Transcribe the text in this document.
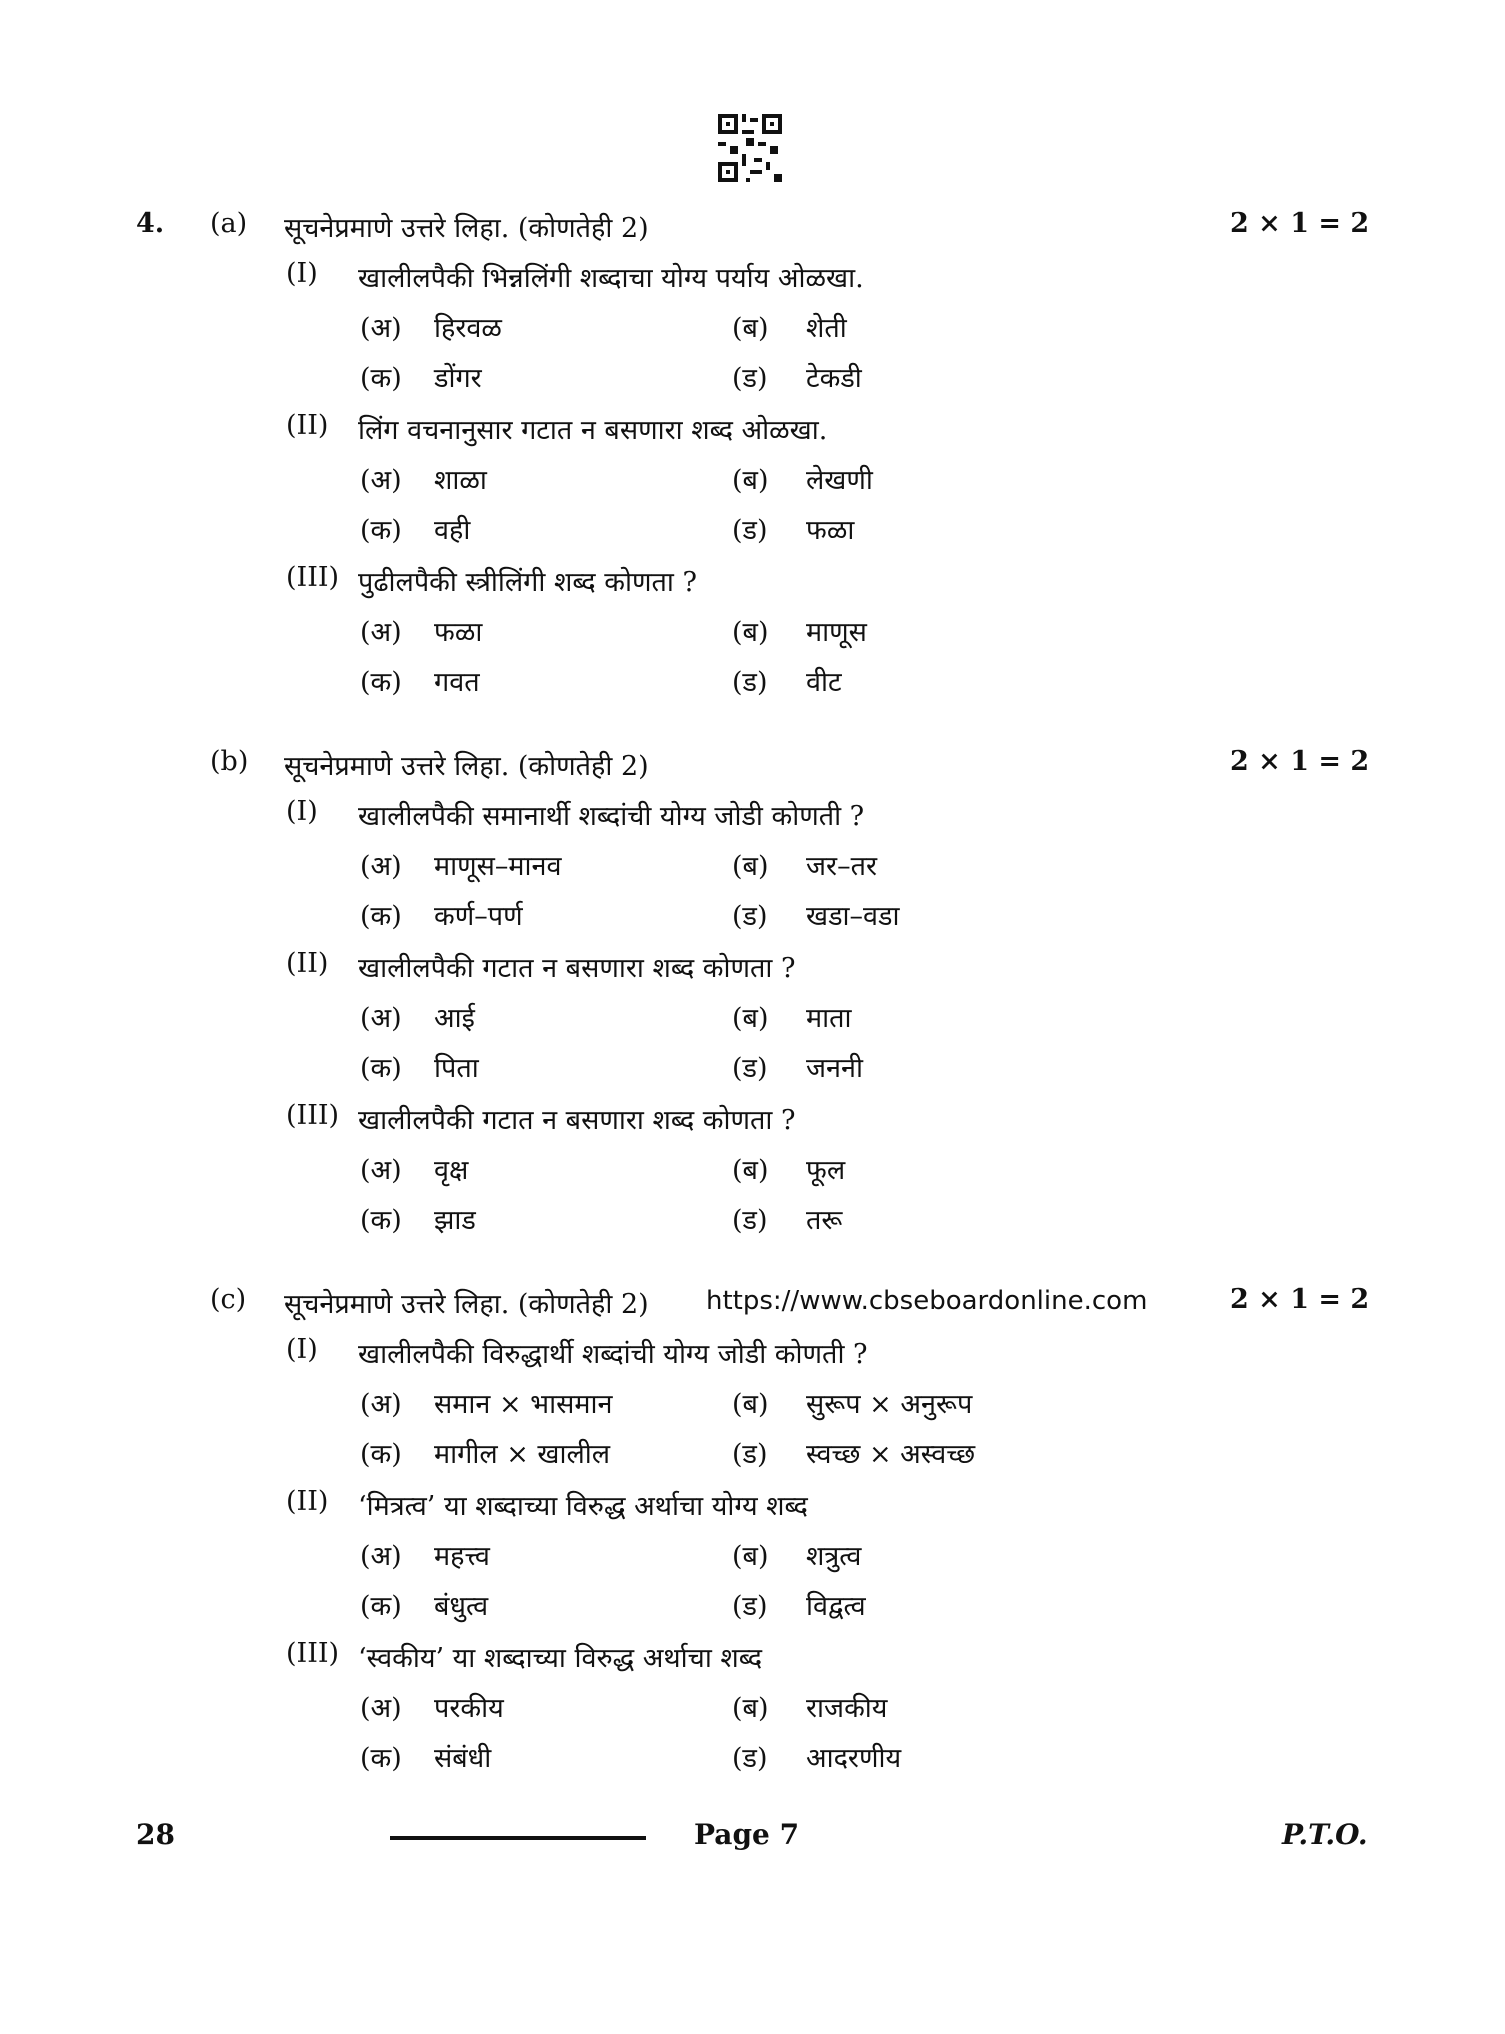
4. (a) सूचनेप्रमाणे उत्तरे लिहा. (कोणतेही 2)	2 × 1 = 2
(I) खालीलपैकी भिन्नलिंगी शब्दाचा योग्य पर्याय ओळखा.
(अ) हिरवळ	(ब) शेती
(क) डोंगर	(ड) टेकडी
(II) लिंग वचनानुसार गटात न बसणारा शब्द ओळखा.
(अ) शाळा	(ब) लेखणी
(क) वही	(ड) फळा
(III) पुढीलपैकी स्त्रीलिंगी शब्द कोणता ?
(अ) फळा	(ब) माणूस
(क) गवत	(ड) वीट
(b) सूचनेप्रमाणे उत्तरे लिहा. (कोणतेही 2)	2 × 1 = 2
(I) खालीलपैकी समानार्थी शब्दांची योग्य जोडी कोणती ?
(अ) माणूस–मानव	(ब) जर–तर
(क) कर्ण–पर्ण	(ड) खडा–वडा
(II) खालीलपैकी गटात न बसणारा शब्द कोणता ?
(अ) आई	(ब) माता
(क) पिता	(ड) जननी
(III) खालीलपैकी गटात न बसणारा शब्द कोणता ?
(अ) वृक्ष	(ब) फूल
(क) झाड	(ड) तरू
(c) सूचनेप्रमाणे उत्तरे लिहा. (कोणतेही 2) https://www.cbseboardonline.com	2 × 1 = 2
(I) खालीलपैकी विरुद्धार्थी शब्दांची योग्य जोडी कोणती ?
(अ) समान × भासमान	(ब) सुरूप × अनुरूप
(क) मागील × खालील	(ड) स्वच्छ × अस्वच्छ
(II) ‘मित्रत्व’ या शब्दाच्या विरुद्ध अर्थाचा योग्य शब्द
(अ) महत्त्व	(ब) शत्रुत्व
(क) बंधुत्व	(ड) विद्वत्व
(III) ‘स्वकीय’ या शब्दाच्या विरुद्ध अर्थाचा शब्द
(अ) परकीय	(ब) राजकीय
(क) संबंधी	(ड) आदरणीय
28	Page 7	P.T.O.
